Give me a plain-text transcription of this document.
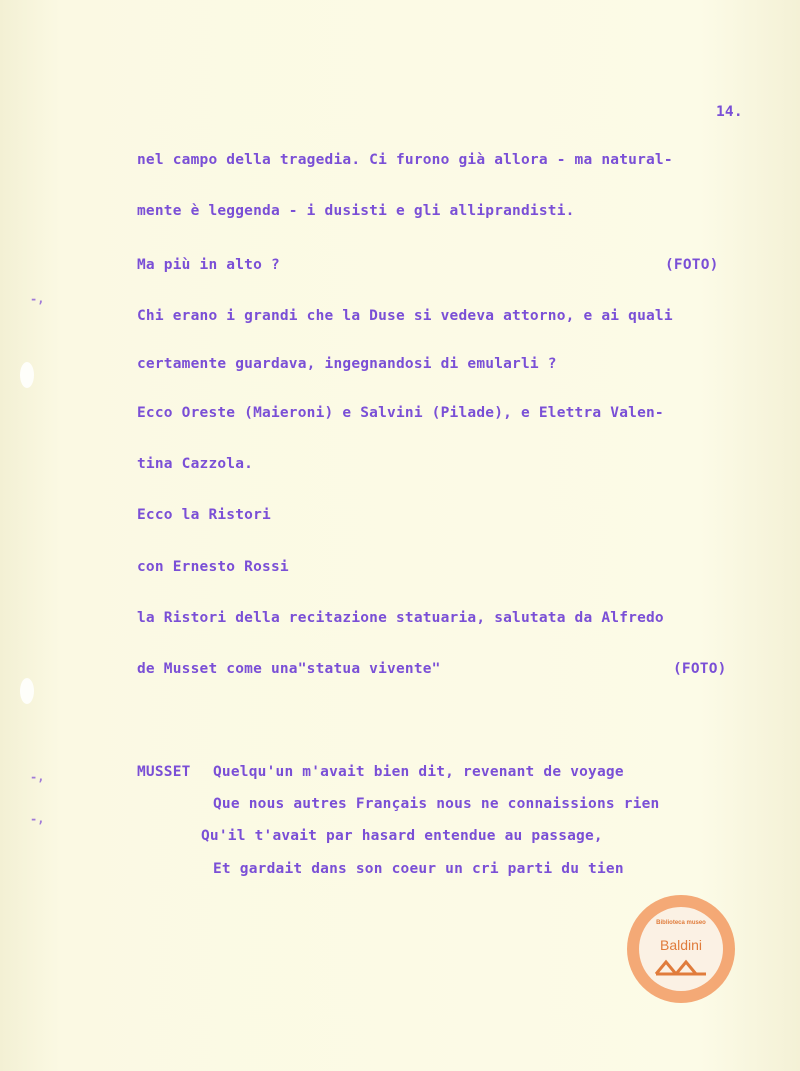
-,
-,
-,
14.
nel campo della tragedia. Ci furono già allora - ma natural-
mente è leggenda - i dusisti e gli alliprandisti.
Ma più in alto ?	(FOTO)
Chi erano i grandi che la Duse si vedeva attorno, e ai quali
certamente guardava, ingegnandosi di emularli ?
Ecco Oreste (Maieroni) e Salvini (Pilade), e Elettra Valen-
tina Cazzola.
Ecco la Ristori
con Ernesto Rossi
la Ristori della recitazione statuaria, salutata da Alfredo
de Musset come una"statua vivente"	(FOTO)
MUSSET Quelqu'un m'avait bien dit, revenant de voyage
Que nous autres Français nous ne connaissions rien
Qu'il t'avait par hasard entendue au passage,
Et gardait dans son coeur un cri parti du tien
Biblioteca museo
Baldini
